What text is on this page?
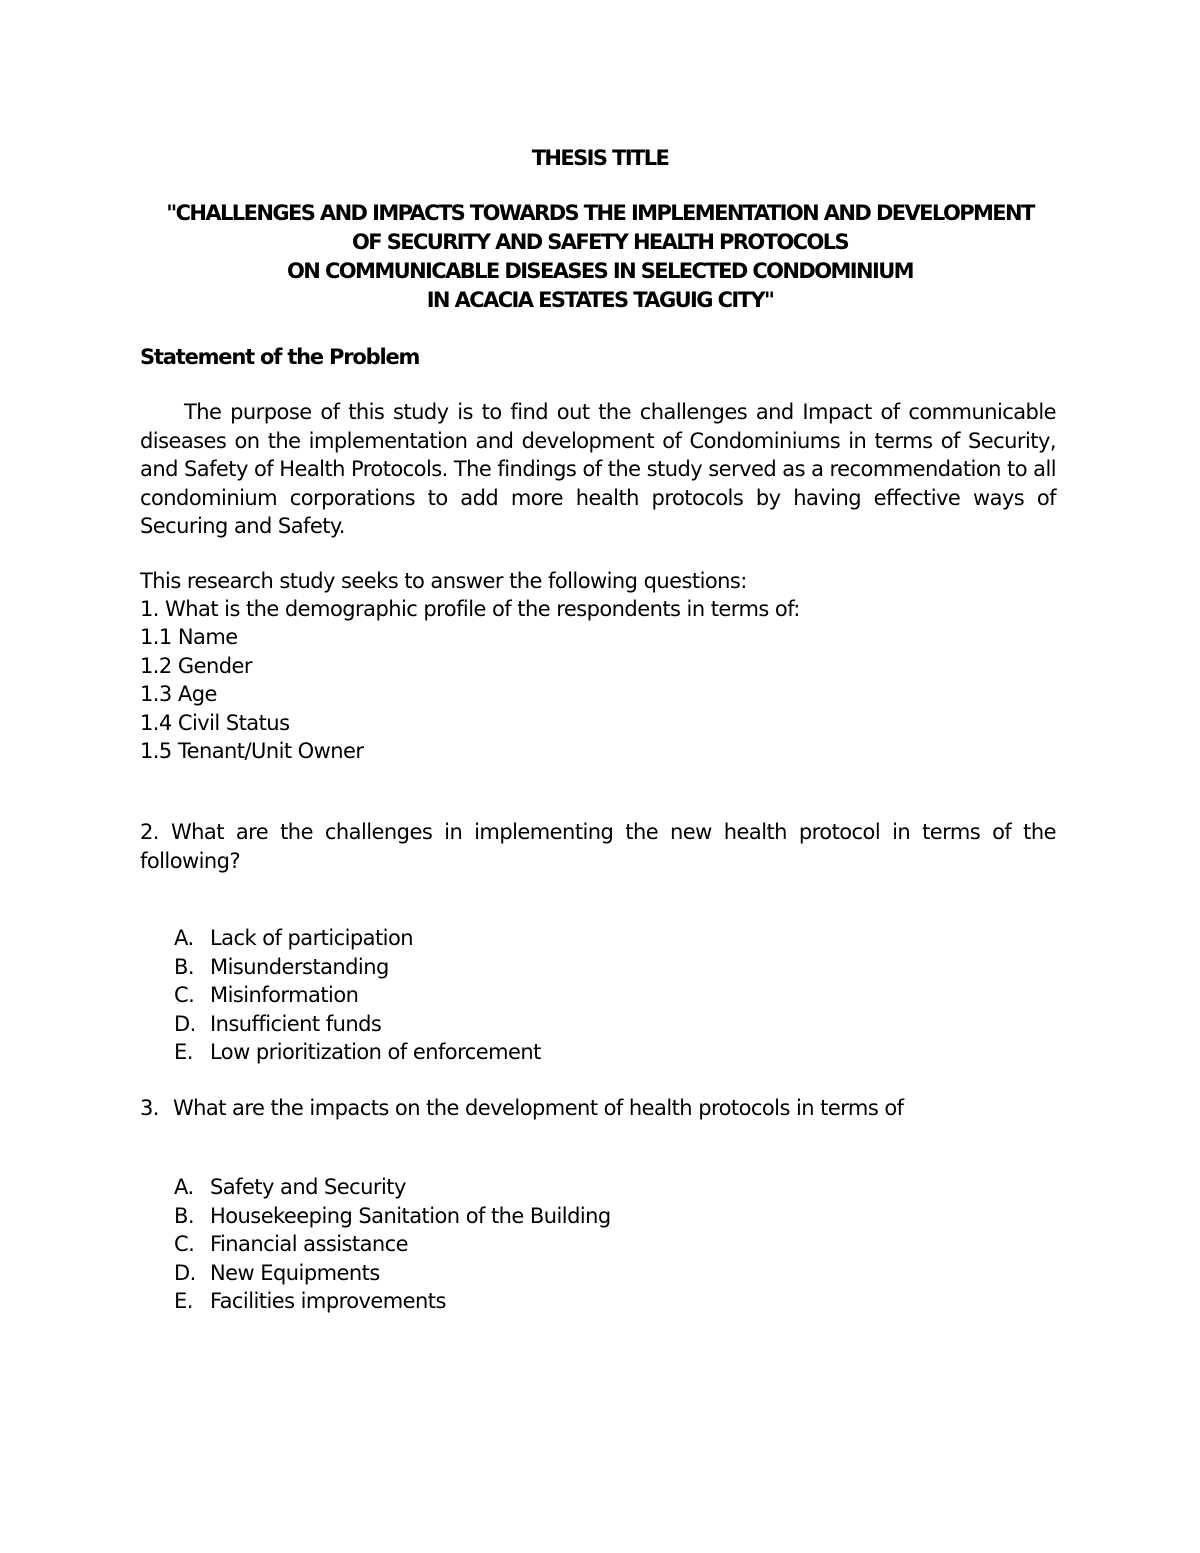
THESIS TITLE
"CHALLENGES AND IMPACTS TOWARDS THE IMPLEMENTATION AND DEVELOPMENT
OF SECURITY AND SAFETY HEALTH PROTOCOLS
ON COMMUNICABLE DISEASES IN SELECTED CONDOMINIUM
IN ACACIA ESTATES TAGUIG CITY"
Statement of the Problem
The purpose of this study is to find out the challenges and Impact of communicable diseases on the implementation and development of Condominiums in terms of Security, and Safety of Health Protocols. The findings of the study served as a recommendation to all condominium corporations to add more health protocols by having effective ways of Securing and Safety.
This research study seeks to answer the following questions:
1. What is the demographic profile of the respondents in terms of:
1.1 Name
1.2 Gender
1.3 Age
1.4 Civil Status
1.5 Tenant/Unit Owner
2. What are the challenges in implementing the new health protocol in terms of the following?
A. Lack of participation
B. Misunderstanding
C. Misinformation
D. Insufficient funds
E. Low prioritization of enforcement
3. What are the impacts on the development of health protocols in terms of
A. Safety and Security
B. Housekeeping Sanitation of the Building
C. Financial assistance
D. New Equipments
E. Facilities improvements
